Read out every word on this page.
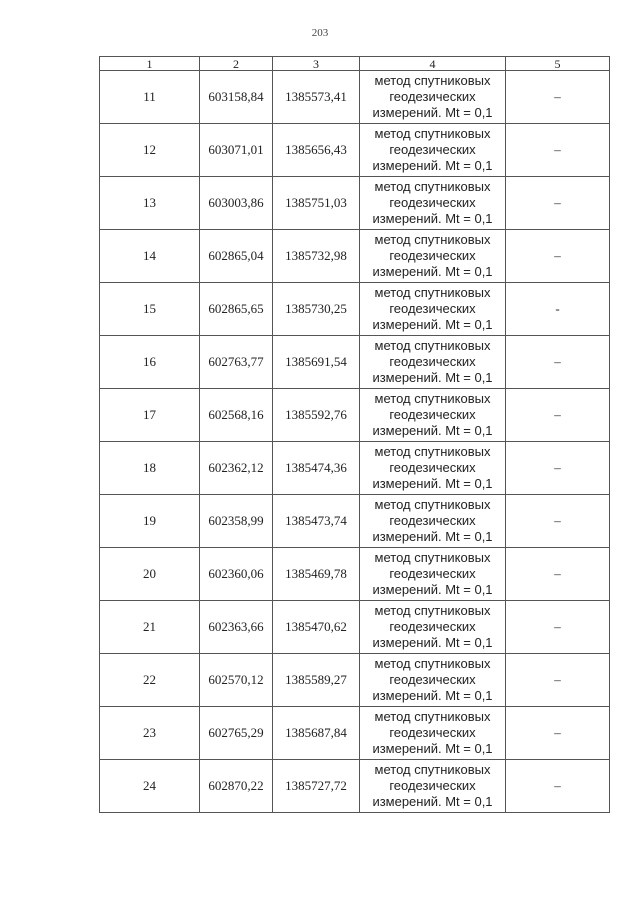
203
1	2	3	4	5
11	603158,84	1385573,41	метод спутниковых
геодезических
измерений. Mt = 0,1	–
12	603071,01	1385656,43	метод спутниковых
геодезических
измерений. Mt = 0,1	–
13	603003,86	1385751,03	метод спутниковых
геодезических
измерений. Mt = 0,1	–
14	602865,04	1385732,98	метод спутниковых
геодезических
измерений. Mt = 0,1	–
15	602865,65	1385730,25	метод спутниковых
геодезических
измерений. Mt = 0,1	-
16	602763,77	1385691,54	метод спутниковых
геодезических
измерений. Mt = 0,1	–
17	602568,16	1385592,76	метод спутниковых
геодезических
измерений. Mt = 0,1	–
18	602362,12	1385474,36	метод спутниковых
геодезических
измерений. Mt = 0,1	–
19	602358,99	1385473,74	метод спутниковых
геодезических
измерений. Mt = 0,1	–
20	602360,06	1385469,78	метод спутниковых
геодезических
измерений. Mt = 0,1	–
21	602363,66	1385470,62	метод спутниковых
геодезических
измерений. Mt = 0,1	–
22	602570,12	1385589,27	метод спутниковых
геодезических
измерений. Mt = 0,1	–
23	602765,29	1385687,84	метод спутниковых
геодезических
измерений. Mt = 0,1	–
24	602870,22	1385727,72	метод спутниковых
геодезических
измерений. Mt = 0,1	–
